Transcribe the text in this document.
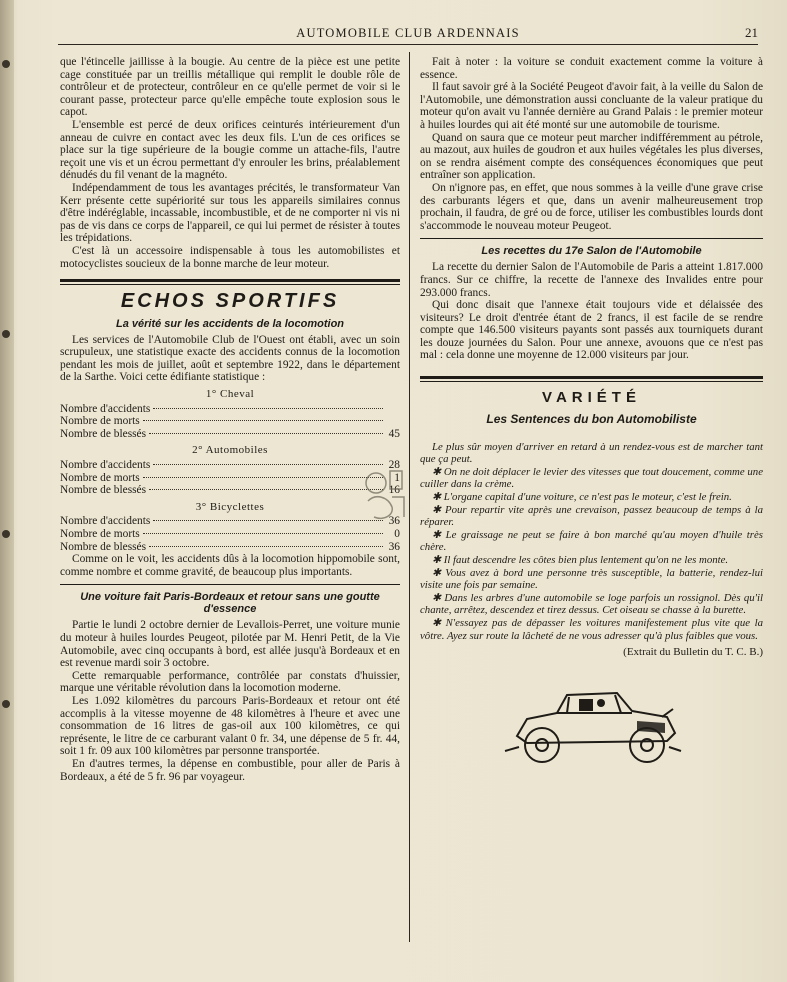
AUTOMOBILE CLUB ARDENNAIS	21

que l'étincelle jaillisse à la bougie. Au centre de la pièce est une petite cage constituée par un treillis métallique qui remplit le double rôle de contrôleur et de protecteur, contrôleur en ce qu'elle permet de voir si le courant passe, protecteur parce qu'elle empêche toute explosion sous le capot.

L'ensemble est percé de deux orifices ceinturés intérieurement d'un anneau de cuivre en contact avec les deux fils. L'un de ces orifices se place sur la tige supérieure de la bougie comme un attache-fils, l'autre reçoit une vis et un écrou permettant d'y enrouler les brins, préalablement dénudés du fil venant de la magnéto.

Indépendamment de tous les avantages précités, le transformateur Van Kerr présente cette supériorité sur tous les appareils similaires connus d'être indéréglable, incassable, incombustible, et de ne comporter ni vis ni pas de vis dans ce corps de l'appareil, ce qui lui permet de résister à toutes les trépidations.

C'est là un accessoire indispensable à tous les automobilistes et motocyclistes soucieux de la bonne marche de leur moteur.

ECHOS SPORTIFS
La vérité sur les accidents de la locomotion

Les services de l'Automobile Club de l'Ouest ont établi, avec un soin scrupuleux, une statistique exacte des accidents connus de la locomotion pendant les mois de juillet, août et septembre 1922, dans le département de la Sarthe. Voici cette édifiante statistique :

1° Cheval
Nombre d'accidents
Nombre de morts
Nombre de blessés	45
2° Automobiles
Nombre d'accidents	28
Nombre de morts	1
Nombre de blessés	16
3° Bicyclettes
Nombre d'accidents	36
Nombre de morts	0
Nombre de blessés	36

Comme on le voit, les accidents dûs à la locomotion hippomobile sont, comme nombre et comme gravité, de beaucoup plus importants.

Une voiture fait Paris-Bordeaux et retour sans une goutte d'essence

Partie le lundi 2 octobre dernier de Levallois-Perret, une voiture munie du moteur à huiles lourdes Peugeot, pilotée par M. Henri Petit, de la Vie Automobile, avec cinq occupants à bord, est allée jusqu'à Bordeaux et en est revenue mardi soir 3 octobre.

Cette remarquable performance, contrôlée par constats d'huissier, marque une véritable révolution dans la locomotion moderne.

Les 1.092 kilomètres du parcours Paris-Bordeaux et retour ont été accomplis à la vitesse moyenne de 48 kilomètres à l'heure et avec une consommation de 16 litres de gas-oil aux 100 kilomètres, ce qui représente, le litre de ce carburant valant 0 fr. 34, une dépense de 5 fr. 44, soit 1 fr. 09 aux 100 kilomètres par personne transportée.

En d'autres termes, la dépense en combustible, pour aller de Paris à Bordeaux, a été de 5 fr. 96 par voyageur.

Fait à noter : la voiture se conduit exactement comme la voiture à essence.

Il faut savoir gré à la Société Peugeot d'avoir fait, à la veille du Salon de l'Automobile, une démonstration aussi concluante de la valeur pratique du moteur qu'on avait vu l'année dernière au Grand Palais : le premier moteur à huiles lourdes qui ait été monté sur une automobile de tourisme.

Quand on saura que ce moteur peut marcher indifféremment au pétrole, au mazout, aux huiles de goudron et aux huiles végétales les plus diverses, on se rendra aisément compte des conséquences économiques que peut entraîner son application.

On n'ignore pas, en effet, que nous sommes à la veille d'une grave crise des carburants légers et que, dans un avenir malheureusement trop prochain, il faudra, de gré ou de force, utiliser les combustibles lourds dont s'accommode le nouveau moteur Peugeot.

Les recettes du 17e Salon de l'Automobile

La recette du dernier Salon de l'Automobile de Paris a atteint 1.817.000 francs. Sur ce chiffre, la recette de l'annexe des Invalides entre pour 293.000 francs.

Qui donc disait que l'annexe était toujours vide et délaissée des visiteurs? Le droit d'entrée étant de 2 francs, il est facile de se rendre compte que 146.500 visiteurs payants sont passés aux tourniquets durant les douze journées du Salon. Pour une annexe, avouons que ce n'est pas mal : cela donne une moyenne de 12.000 visiteurs par jour.

VARIÉTÉ
Les Sentences du bon Automobiliste

Le plus sûr moyen d'arriver en retard à un rendez-vous est de marcher tant que ça peut.

✱ On ne doit déplacer le levier des vitesses que tout doucement, comme une cuiller dans la crème.

✱ L'organe capital d'une voiture, ce n'est pas le moteur, c'est le frein.

✱ Pour repartir vite après une crevaison, passez beaucoup de temps à la réparer.

✱ Le graissage ne peut se faire à bon marché qu'au moyen d'huile très chère.

✱ Il faut descendre les côtes bien plus lentement qu'on ne les monte.

✱ Vous avez à bord une personne très susceptible, la batterie, rendez-lui visite une fois par semaine.

✱ Dans les arbres d'une automobile se loge parfois un rossignol. Dès qu'il chante, arrêtez, descendez et tirez dessus. Cet oiseau se chasse à la burette.

✱ N'essayez pas de dépasser les voitures manifestement plus vite que la vôtre. Ayez sur route la lâcheté de ne vous adresser qu'à plus faibles que vous.

(Extrait du Bulletin du T. C. B.)
